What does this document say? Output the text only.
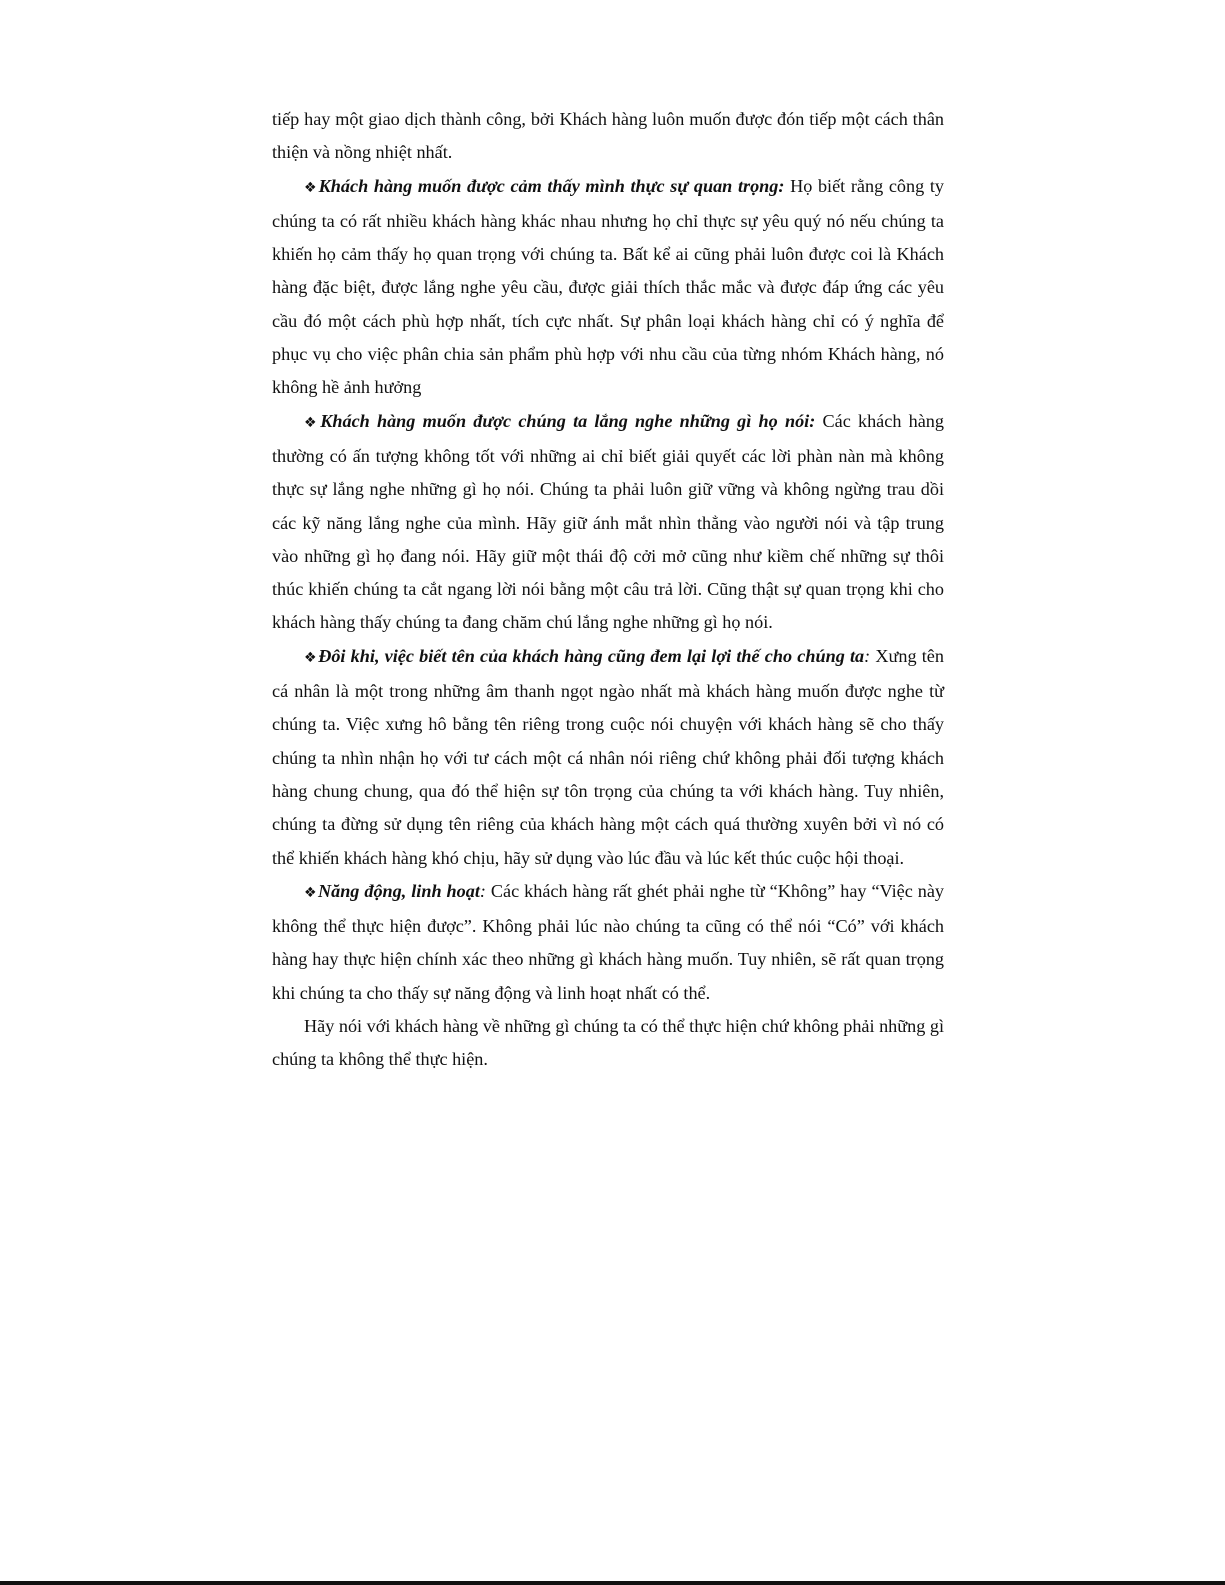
tiếp hay một giao dịch thành công, bởi Khách hàng luôn muốn được đón tiếp một cách thân thiện và nồng nhiệt nhất.

❖Khách hàng muốn được cảm thấy mình thực sự quan trọng: Họ biết rằng công ty chúng ta có rất nhiều khách hàng khác nhau nhưng họ chỉ thực sự yêu quý nó nếu chúng ta khiến họ cảm thấy họ quan trọng với chúng ta. Bất kể ai cũng phải luôn được coi là Khách hàng đặc biệt, được lắng nghe yêu cầu, được giải thích thắc mắc và được đáp ứng các yêu cầu đó một cách phù hợp nhất, tích cực nhất. Sự phân loại khách hàng chỉ có ý nghĩa để phục vụ cho việc phân chia sản phẩm phù hợp với nhu cầu của từng nhóm Khách hàng, nó không hề ảnh hưởng

❖Khách hàng muốn được chúng ta lắng nghe những gì họ nói: Các khách hàng thường có ấn tượng không tốt với những ai chỉ biết giải quyết các lời phàn nàn mà không thực sự lắng nghe những gì họ nói. Chúng ta phải luôn giữ vững và không ngừng trau dồi các kỹ năng lắng nghe của mình. Hãy giữ ánh mắt nhìn thẳng vào người nói và tập trung vào những gì họ đang nói. Hãy giữ một thái độ cởi mở cũng như kiềm chế những sự thôi thúc khiến chúng ta cắt ngang lời nói bằng một câu trả lời. Cũng thật sự quan trọng khi cho khách hàng thấy chúng ta đang chăm chú lắng nghe những gì họ nói.

❖Đôi khi, việc biết tên của khách hàng cũng đem lại lợi thế cho chúng ta: Xưng tên cá nhân là một trong những âm thanh ngọt ngào nhất mà khách hàng muốn được nghe từ chúng ta. Việc xưng hô bằng tên riêng trong cuộc nói chuyện với khách hàng sẽ cho thấy chúng ta nhìn nhận họ với tư cách một cá nhân nói riêng chứ không phải đối tượng khách hàng chung chung, qua đó thể hiện sự tôn trọng của chúng ta với khách hàng. Tuy nhiên, chúng ta đừng sử dụng tên riêng của khách hàng một cách quá thường xuyên bởi vì nó có thể khiến khách hàng khó chịu, hãy sử dụng vào lúc đầu và lúc kết thúc cuộc hội thoại.

❖Năng động, linh hoạt: Các khách hàng rất ghét phải nghe từ “Không” hay “Việc này không thể thực hiện được”. Không phải lúc nào chúng ta cũng có thể nói “Có” với khách hàng hay thực hiện chính xác theo những gì khách hàng muốn. Tuy nhiên, sẽ rất quan trọng khi chúng ta cho thấy sự năng động và linh hoạt nhất có thể.

Hãy nói với khách hàng về những gì chúng ta có thể thực hiện chứ không phải những gì chúng ta không thể thực hiện.
